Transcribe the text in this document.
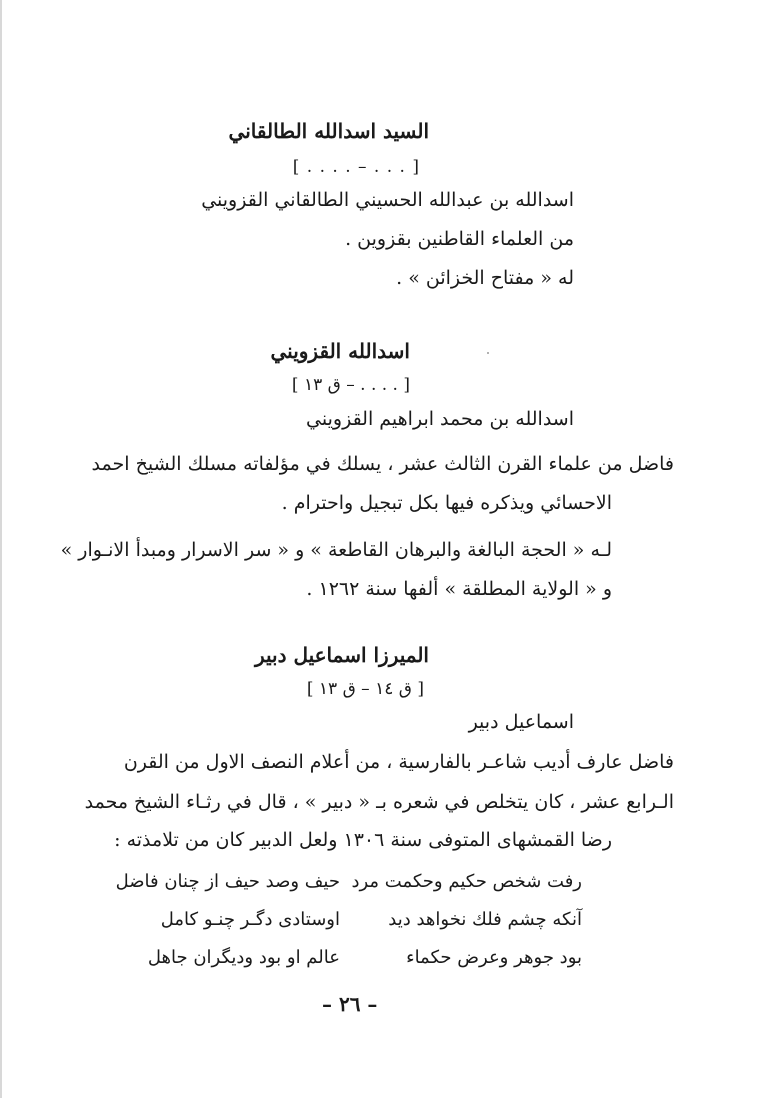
السيد اسدالله الطالقاني
[ . . . . – . . . ]
اسدالله بن عبدالله الحسيني الطالقاني القزويني
من العلماء القاطنين بقزوين .
له « مفتاح الخزائن » .
اسدالله القزويني
[ ق ١٣ – . . . . ]
اسدالله بن محمد ابراهيم القزويني
فاضل من علماء القرن الثالث عشر ، يسلك في مؤلفاته مسلك الشيخ احمد
الاحسائي ويذكره فيها بكل تبجيل واحترام .
لـه « الحجة البالغة والبرهان القاطعة » و « سر الاسرار ومبدأ الانـوار »
و « الولاية المطلقة » ألفها سنة ١٢٦٢ .
الميرزا اسماعيل دبير
[ ق ١٤ – ق ١٣ ]
اسماعيل دبير
فاضل عارف أديب شاعـر بالفارسية ، من أعلام النصف الاول من القرن
الـرابع عشر ، كان يتخلص في شعره بـ « دبير » ، قال في رثـاء الشيخ محمد
رضا القمشهاى المتوفى سنة ١٣٠٦ ولعل الدبير كان من تلامذته :
رفت شخص حكيم وحكمت مرد
حيف وصد حيف از چنان فاضل
آنكه چشم فلك نخواهد ديد
اوستادى دگـر چنـو كامل
بود جوهر وعرض حكماء
عالم او بود وديگران جاهل
– ٢٦ –
